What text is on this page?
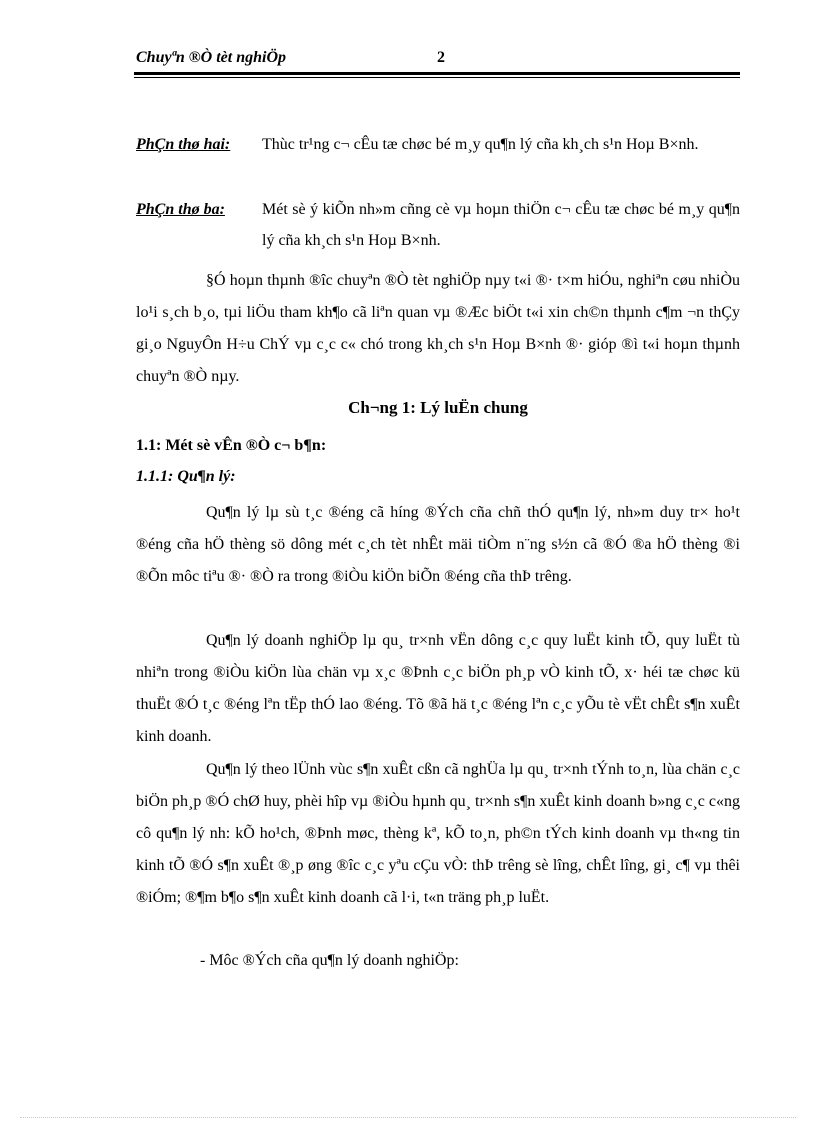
Chuyªn ®Ò tèt nghiÖp	2
PhÇn thø hai: Thùc tr¹ng c¬ cÊu tæ chøc bé m¸y qu¶n lý cña kh¸ch s¹n Hoµ B×nh.
PhÇn thø ba: Mét sè ý kiÕn nh»m cñng cè vµ hoµn thiÖn c¬ cÊu tæ chøc bé m¸y qu¶n lý cña kh¸ch s¹n Hoµ B×nh.
§Ó hoµn thµnh ®îc chuyªn ®Ò tèt nghiÖp nµy t«i ®· t×m hiÓu, nghiªn cøu nhiÒu lo¹i s¸ch b¸o, tµi liÖu tham kh¶o cã liªn quan vµ ®Æc biÖt t«i xin ch©n thµnh c¶m ¬n thÇy gi¸o NguyÔn H÷u ChÝ vµ c¸c c« chó trong kh¸ch s¹n Hoµ B×nh ®· gióp ®ì t«i hoµn thµnh chuyªn ®Ò nµy.
Ch¬ng 1: Lý luËn chung
1.1: Mét sè vÊn ®Ò c¬ b¶n:
1.1.1: Qu¶n lý:
Qu¶n lý lµ sù t¸c ®éng cã híng ®Ých cña chñ thÓ qu¶n lý, nh»m duy tr× ho¹t ®éng cña hÖ thèng sö dông mét c¸ch tèt nhÊt mäi tiÒm n¨ng s½n cã ®Ó ®a hÖ thèng ®i ®Õn môc tiªu ®· ®Ò ra trong ®iÒu kiÖn biÕn ®éng cña thÞ trêng.
Qu¶n lý doanh nghiÖp lµ qu¸ tr×nh vËn dông c¸c quy luËt kinh tÕ, quy luËt tù nhiªn trong ®iÒu kiÖn lùa chän vµ x¸c ®Þnh c¸c biÖn ph¸p vÒ kinh tÕ, x· héi tæ chøc kü thuËt ®Ó t¸c ®éng lªn tËp thÓ lao ®éng. Tõ ®ã hä t¸c ®éng lªn c¸c yÕu tè vËt chÊt s¶n xuÊt kinh doanh.
Qu¶n lý theo lÜnh vùc s¶n xuÊt cßn cã nghÜa lµ qu¸ tr×nh tÝnh to¸n, lùa chän c¸c biÖn ph¸p ®Ó chØ huy, phèi hîp vµ ®iÒu hµnh qu¸ tr×nh s¶n xuÊt kinh doanh b»ng c¸c c«ng cô qu¶n lý nh: kÕ ho¹ch, ®Þnh møc, thèng kª, kÕ to¸n, ph©n tÝch kinh doanh vµ th«ng tin kinh tÕ ®Ó s¶n xuÊt ®¸p øng ®îc c¸c yªu cÇu vÒ: thÞ trêng sè lîng, chÊt lîng, gi¸ c¶ vµ thêi ®iÓm; ®¶m b¶o s¶n xuÊt kinh doanh cã l·i, t«n träng ph¸p luËt.
- Môc ®Ých cña qu¶n lý doanh nghiÖp:
